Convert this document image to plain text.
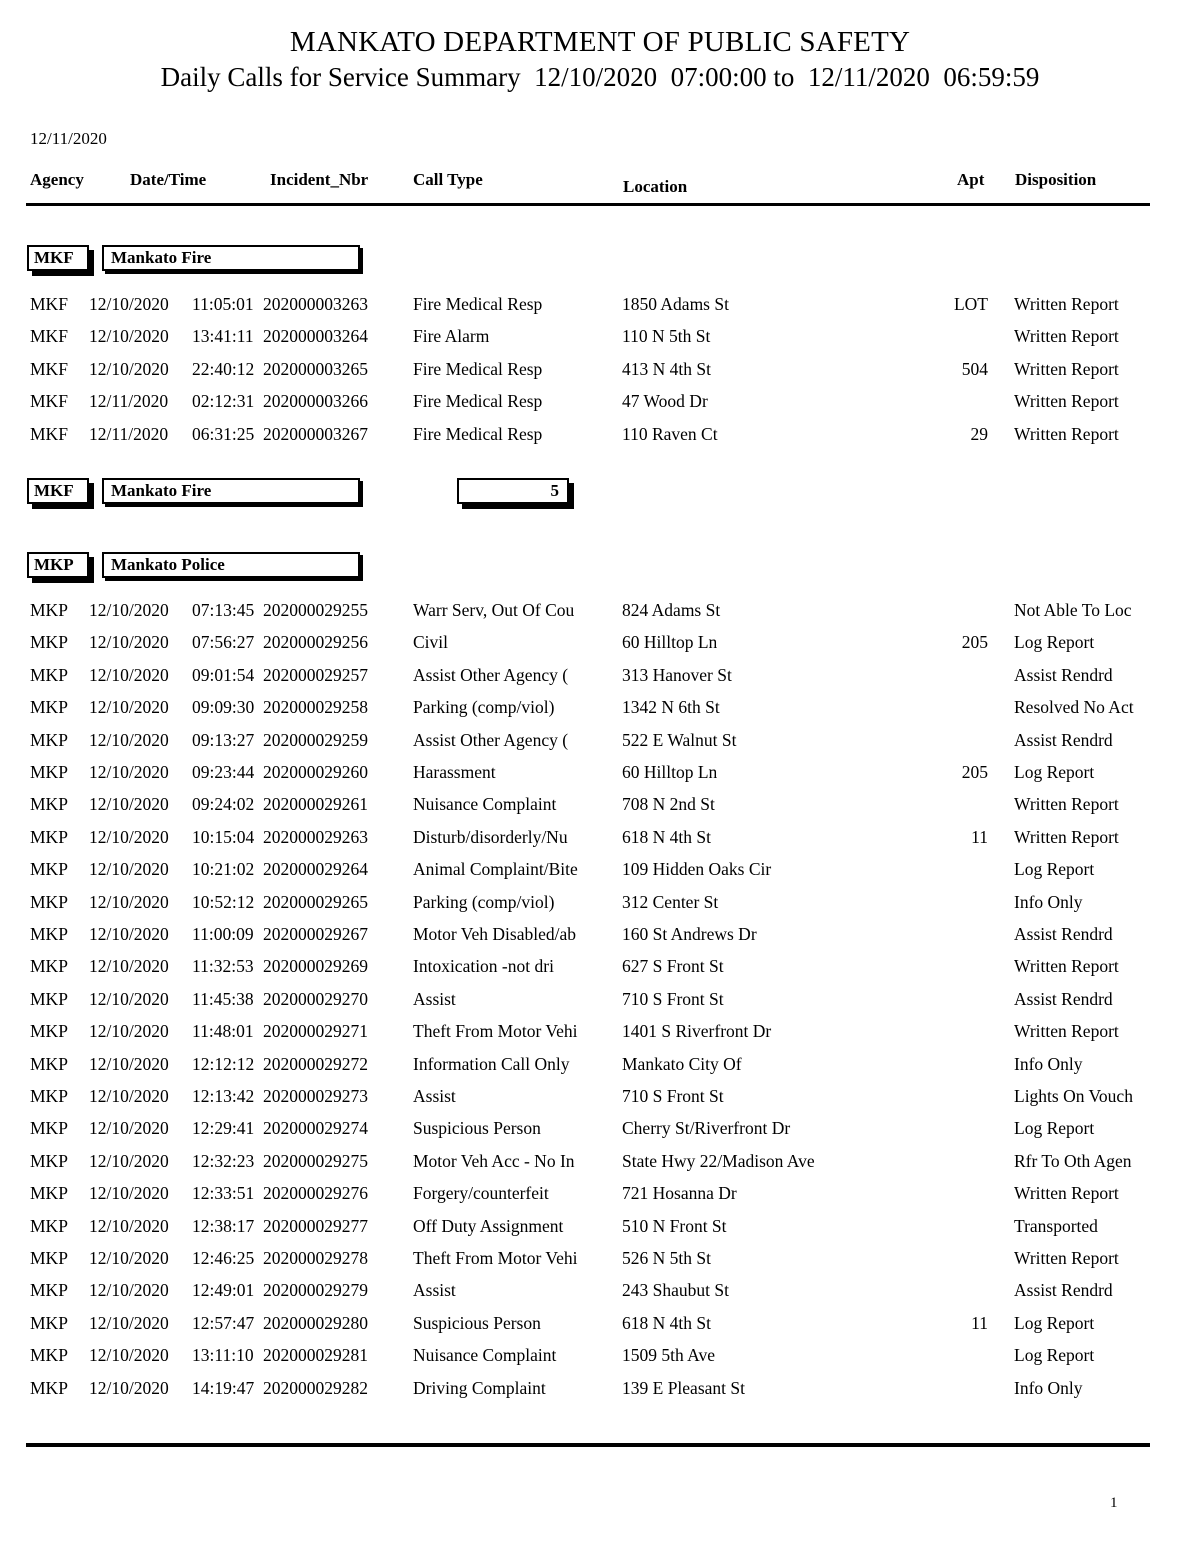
MANKATO DEPARTMENT OF PUBLIC SAFETY
Daily Calls for Service Summary  12/10/2020  07:00:00 to  12/11/2020  06:59:59
12/11/2020
Agency	Date/Time	Incident_Nbr	Call Type	Location	Apt Disposition
MKF	Mankato Fire
MKF 12/10/2020 11:05:01 202000003263	Fire Medical Resp	1850 Adams St	LOT Written Report
MKF 12/10/2020 13:41:11 202000003264	Fire Alarm	110 N 5th St	Written Report
MKF 12/10/2020 22:40:12 202000003265	Fire Medical Resp	413 N 4th St	504 Written Report
MKF 12/11/2020 02:12:31 202000003266	Fire Medical Resp	47 Wood Dr	Written Report
MKF 12/11/2020 06:31:25 202000003267	Fire Medical Resp	110 Raven Ct	29 Written Report
MKF	Mankato Fire	5
MKP	Mankato Police
MKP 12/10/2020 07:13:45 202000029255	Warr Serv, Out Of Cou	824 Adams St	Not Able To Loc
MKP 12/10/2020 07:56:27 202000029256	Civil	60 Hilltop Ln	205 Log Report
MKP 12/10/2020 09:01:54 202000029257	Assist Other Agency (	313 Hanover St	Assist Rendrd
MKP 12/10/2020 09:09:30 202000029258	Parking (comp/viol)	1342 N 6th St	Resolved No Act
MKP 12/10/2020 09:13:27 202000029259	Assist Other Agency (	522 E Walnut St	Assist Rendrd
MKP 12/10/2020 09:23:44 202000029260	Harassment	60 Hilltop Ln	205 Log Report
MKP 12/10/2020 09:24:02 202000029261	Nuisance Complaint	708 N 2nd St	Written Report
MKP 12/10/2020 10:15:04 202000029263	Disturb/disorderly/Nu	618 N 4th St	11 Written Report
MKP 12/10/2020 10:21:02 202000029264	Animal Complaint/Bite	109 Hidden Oaks Cir	Log Report
MKP 12/10/2020 10:52:12 202000029265	Parking (comp/viol)	312 Center St	Info Only
MKP 12/10/2020 11:00:09 202000029267	Motor Veh Disabled/ab	160 St Andrews Dr	Assist Rendrd
MKP 12/10/2020 11:32:53 202000029269	Intoxication -not dri	627 S Front St	Written Report
MKP 12/10/2020 11:45:38 202000029270	Assist	710 S Front St	Assist Rendrd
MKP 12/10/2020 11:48:01 202000029271	Theft From Motor Vehi	1401 S Riverfront Dr	Written Report
MKP 12/10/2020 12:12:12 202000029272	Information Call Only	Mankato City Of	Info Only
MKP 12/10/2020 12:13:42 202000029273	Assist	710 S Front St	Lights On Vouch
MKP 12/10/2020 12:29:41 202000029274	Suspicious Person	Cherry St/Riverfront Dr	Log Report
MKP 12/10/2020 12:32:23 202000029275	Motor Veh Acc - No In	State Hwy 22/Madison Ave	Rfr To Oth Agen
MKP 12/10/2020 12:33:51 202000029276	Forgery/counterfeit	721 Hosanna Dr	Written Report
MKP 12/10/2020 12:38:17 202000029277	Off Duty Assignment	510 N Front St	Transported
MKP 12/10/2020 12:46:25 202000029278	Theft From Motor Vehi	526 N 5th St	Written Report
MKP 12/10/2020 12:49:01 202000029279	Assist	243 Shaubut St	Assist Rendrd
MKP 12/10/2020 12:57:47 202000029280	Suspicious Person	618 N 4th St	11 Log Report
MKP 12/10/2020 13:11:10 202000029281	Nuisance Complaint	1509 5th Ave	Log Report
MKP 12/10/2020 14:19:47 202000029282	Driving Complaint	139 E Pleasant St	Info Only
1
